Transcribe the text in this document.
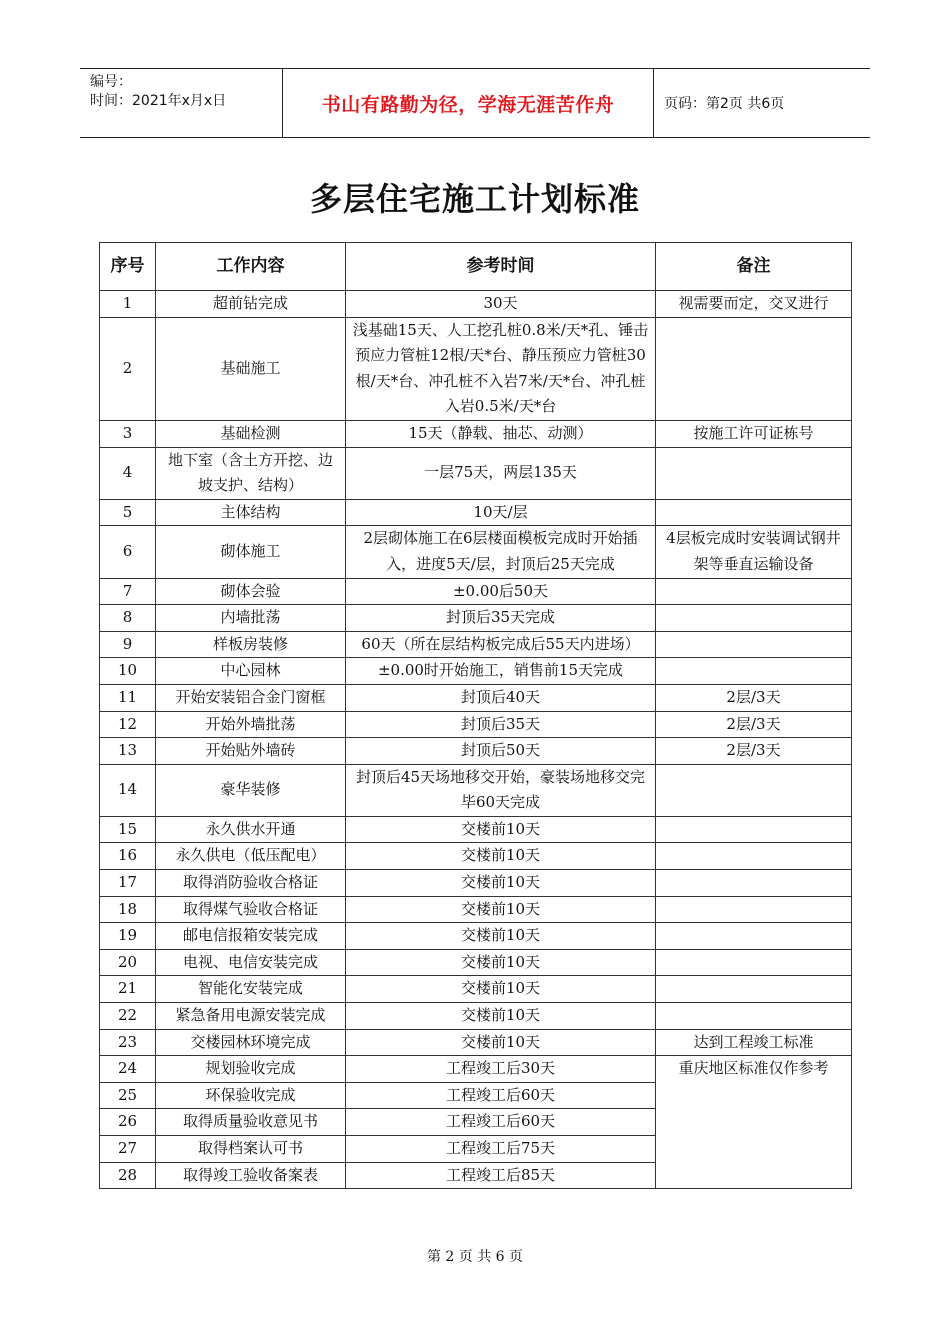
编号：
时间：2021年x月x日	书山有路勤为径，学海无涯苦作舟	页码：第2页 共6页
多层住宅施工计划标准
序号	工作内容	参考时间	备注
1	超前钻完成	30天	视需要而定，交叉进行
2	基础施工	浅基础15天、人工挖孔桩0.8米/天*孔、锤击预应力管桩12根/天*台、静压预应力管桩30根/天*台、冲孔桩不入岩7米/天*台、冲孔桩入岩0.5米/天*台	
3	基础检测	15天（静载、抽芯、动测）	按施工许可证栋号
4	地下室（含土方开挖、边坡支护、结构）	一层75天，两层135天	
5	主体结构	10天/层	
6	砌体施工	2层砌体施工在6层楼面模板完成时开始插入，进度5天/层，封顶后25天完成	4层板完成时安装调试钢井架等垂直运输设备
7	砌体会验	±0.00后50天	
8	内墙批荡	封顶后35天完成	
9	样板房装修	60天（所在层结构板完成后55天内进场）	
10	中心园林	±0.00时开始施工，销售前15天完成	
11	开始安装铝合金门窗框	封顶后40天	2层/3天
12	开始外墙批荡	封顶后35天	2层/3天
13	开始贴外墙砖	封顶后50天	2层/3天
14	豪华装修	封顶后45天场地移交开始，豪装场地移交完毕60天完成	
15	永久供水开通	交楼前10天	
16	永久供电（低压配电）	交楼前10天	
17	取得消防验收合格证	交楼前10天	
18	取得煤气验收合格证	交楼前10天	
19	邮电信报箱安装完成	交楼前10天	
20	电视、电信安装完成	交楼前10天	
21	智能化安装完成	交楼前10天	
22	紧急备用电源安装完成	交楼前10天	
23	交楼园林环境完成	交楼前10天	达到工程竣工标准
24	规划验收完成	工程竣工后30天	重庆地区标准仅作参考
25	环保验收完成	工程竣工后60天	
26	取得质量验收意见书	工程竣工后60天	
27	取得档案认可书	工程竣工后75天	
28	取得竣工验收备案表	工程竣工后85天	
第 2 页 共 6 页
